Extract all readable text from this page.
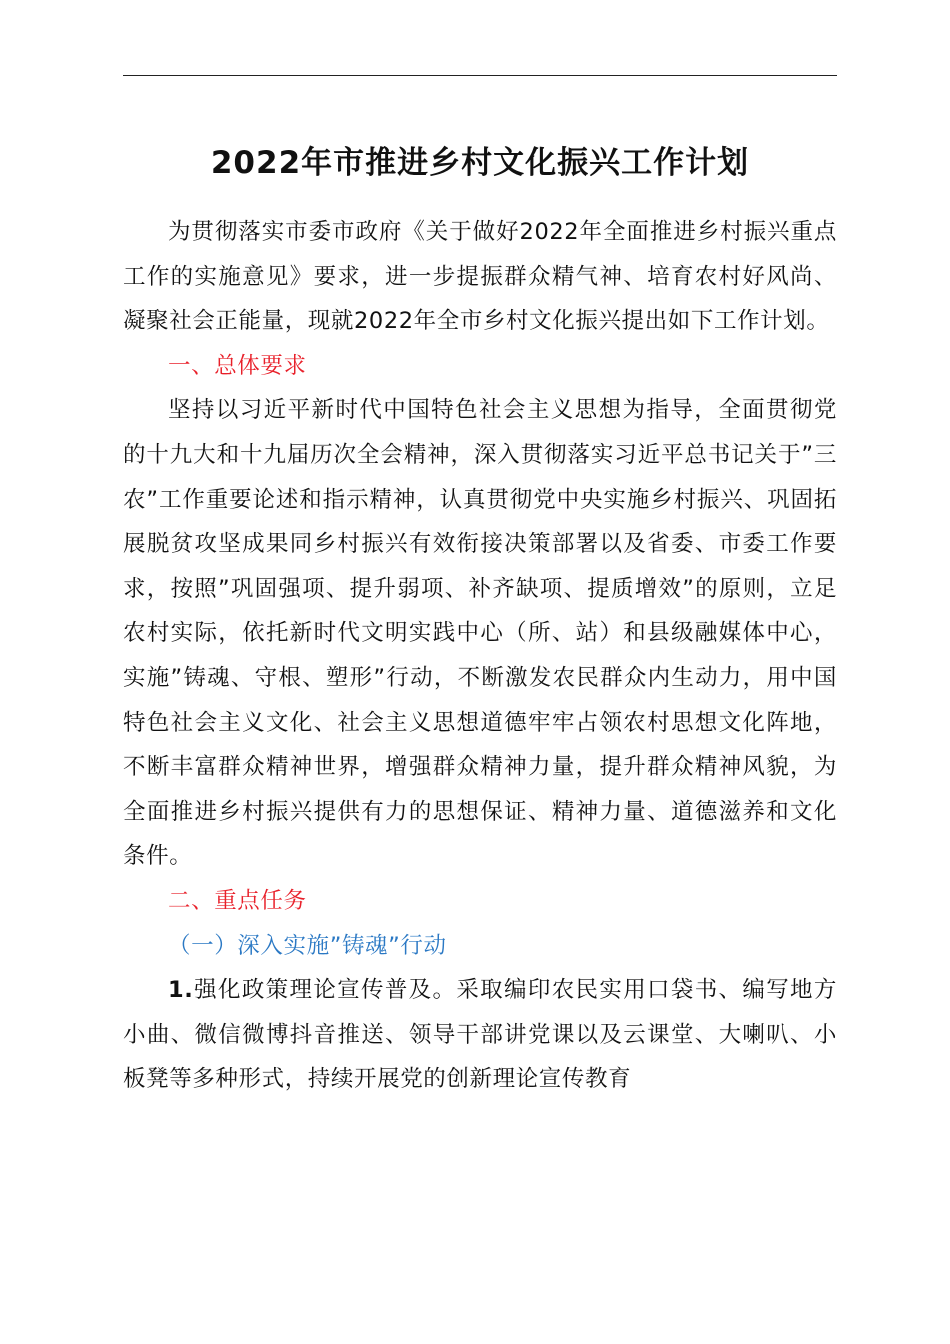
2022年市推进乡村文化振兴工作计划

为贯彻落实市委市政府《关于做好2022年全面推进乡村振兴重点工作的实施意见》要求，进一步提振群众精气神、培育农村好风尚、凝聚社会正能量，现就2022年全市乡村文化振兴提出如下工作计划。

一、总体要求

坚持以习近平新时代中国特色社会主义思想为指导，全面贯彻党的十九大和十九届历次全会精神，深入贯彻落实习近平总书记关于”三农”工作重要论述和指示精神，认真贯彻党中央实施乡村振兴、巩固拓展脱贫攻坚成果同乡村振兴有效衔接决策部署以及省委、市委工作要求，按照”巩固强项、提升弱项、补齐缺项、提质增效”的原则，立足农村实际，依托新时代文明实践中心（所、站）和县级融媒体中心，实施”铸魂、守根、塑形”行动，不断激发农民群众内生动力，用中国特色社会主义文化、社会主义思想道德牢牢占领农村思想文化阵地，不断丰富群众精神世界，增强群众精神力量，提升群众精神风貌，为全面推进乡村振兴提供有力的思想保证、精神力量、道德滋养和文化条件。

二、重点任务

（一）深入实施”铸魂”行动

1.强化政策理论宣传普及。采取编印农民实用口袋书、编写地方小曲、微信微博抖音推送、领导干部讲党课以及云课堂、大喇叭、小板凳等多种形式，持续开展党的创新理论宣传教育
